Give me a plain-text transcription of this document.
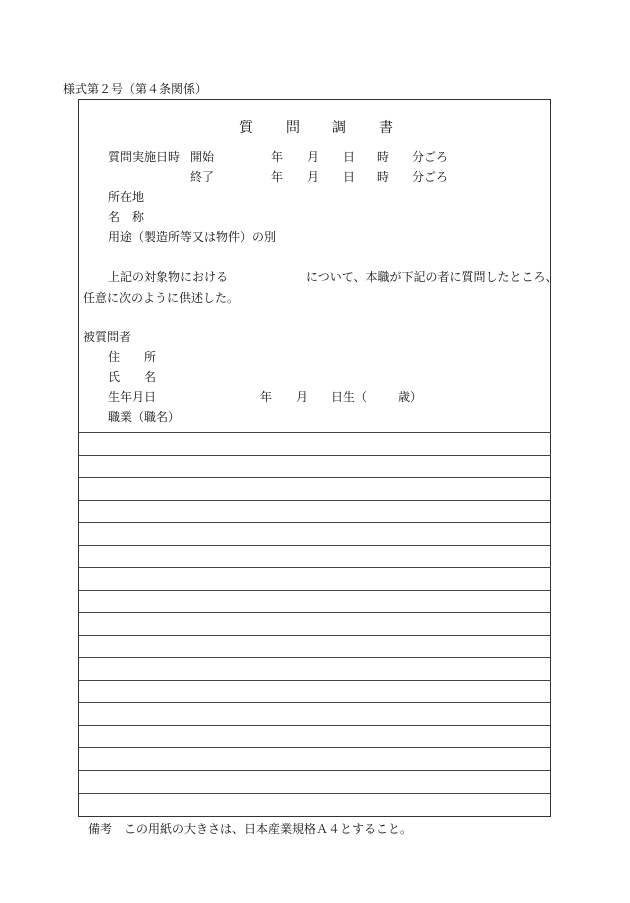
様式第２号（第４条関係）
質 問 調 書
質問実施日時 開始	年 月 日 時 分ごろ
終了	年 月 日 時 分ごろ
所在地
名　称
用途（製造所等又は物件）の別
上記の対象物における	について、本職が下記の者に質問したところ、
任意に次のように供述した。
被質問者
住　　所
氏　　名
生年月日	年 月 日生（	歳）
職業（職名）
備考　この用紙の大きさは、日本産業規格Ａ４とすること。
